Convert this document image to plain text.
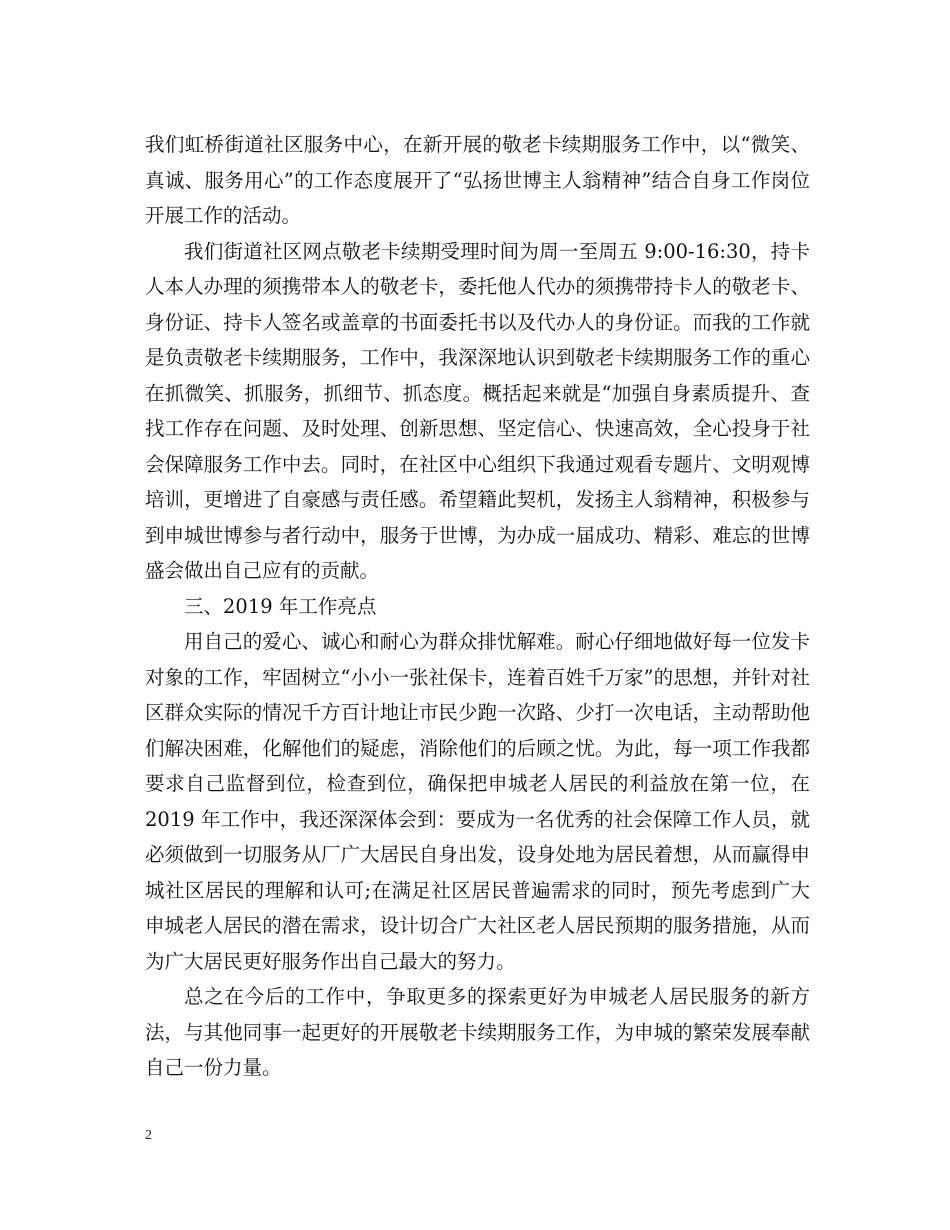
我们虹桥街道社区服务中心，在新开展的敬老卡续期服务工作中，以“微笑、真诚、服务用心”的工作态度展开了“弘扬世博主人翁精神”结合自身工作岗位开展工作的活动。

我们街道社区网点敬老卡续期受理时间为周一至周五 9:00-16:30，持卡人本人办理的须携带本人的敬老卡，委托他人代办的须携带持卡人的敬老卡、身份证、持卡人签名或盖章的书面委托书以及代办人的身份证。而我的工作就是负责敬老卡续期服务，工作中，我深深地认识到敬老卡续期服务工作的重心在抓微笑、抓服务，抓细节、抓态度。概括起来就是“加强自身素质提升、查找工作存在问题、及时处理、创新思想、坚定信心、快速高效，全心投身于社会保障服务工作中去。同时，在社区中心组织下我通过观看专题片、文明观博培训，更增进了自豪感与责任感。希望籍此契机，发扬主人翁精神，积极参与到申城世博参与者行动中，服务于世博，为办成一届成功、精彩、难忘的世博盛会做出自己应有的贡献。

三、2019 年工作亮点

用自己的爱心、诚心和耐心为群众排忧解难。耐心仔细地做好每一位发卡对象的工作，牢固树立“小小一张社保卡，连着百姓千万家”的思想，并针对社区群众实际的情况千方百计地让市民少跑一次路、少打一次电话，主动帮助他们解决困难，化解他们的疑虑，消除他们的后顾之忧。为此，每一项工作我都要求自己监督到位，检查到位，确保把申城老人居民的利益放在第一位，在 2019 年工作中，我还深深体会到：要成为一名优秀的社会保障工作人员，就必须做到一切服务从厂广大居民自身出发，设身处地为居民着想，从而赢得申城社区居民的理解和认可;在满足社区居民普遍需求的同时，预先考虑到广大申城老人居民的潜在需求，设计切合广大社区老人居民预期的服务措施，从而为广大居民更好服务作出自己最大的努力。

总之在今后的工作中，争取更多的探索更好为申城老人居民服务的新方法，与其他同事一起更好的开展敬老卡续期服务工作，为申城的繁荣发展奉献自己一份力量。

2
